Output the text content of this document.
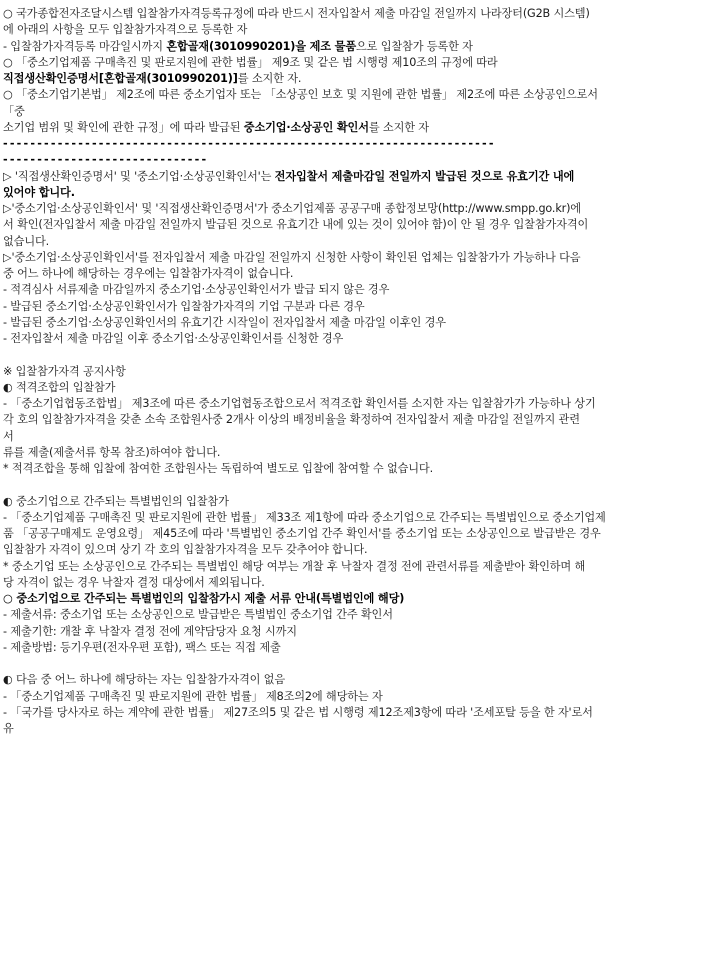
○ 국가종합전자조달시스템 입찰참가자격등록규정에 따라 반드시 전자입찰서 제출 마감일 전일까지 나라장터(G2B 시스템)
에 아래의 사항을 모두 입찰참가자격으로 등록한 자
- 입찰참가자격등록 마감일시까지 혼합골재(3010990201)을 제조 물품으로 입찰참가 등록한 자
○ 「중소기업제품 구매촉진 및 판로지원에 관한 법률」 제9조 및 같은 법 시행령 제10조의 규정에 따라
직접생산확인증명서[혼합골재(3010990201)]를 소지한 자.
○ 「중소기업기본법」 제2조에 따른 중소기업자 또는 「소상공인 보호 및 지원에 관한 법률」 제2조에 따른 소상공인으로서
「중
소기업 범위 및 확인에 관한 규정」에 따라 발급된 중소기업·소상공인 확인서를 소지한 자
------------------------------------------------------------------------
------------------------------
▷ '직접생산확인증명서' 및 '중소기업·소상공인확인서'는 전자입찰서 제출마감일 전일까지 발급된 것으로 유효기간 내에
있어야 합니다.
▷'중소기업·소상공인확인서' 및 '직접생산확인증명서'가 중소기업제품 공공구매 종합정보망(http://www.smpp.go.kr)에
서 확인(전자입찰서 제출 마감일 전일까지 발급된 것으로 유효기간 내에 있는 것이 있어야 함)이 안 될 경우 입찰참가자격이
없습니다.
▷'중소기업·소상공인확인서'를 전자입찰서 제출 마감일 전일까지 신청한 사항이 확인된 업체는 입찰참가가 가능하나 다음
중 어느 하나에 해당하는 경우에는 입찰참가자격이 없습니다.
- 적격심사 서류제출 마감일까지 중소기업·소상공인확인서가 발급 되지 않은 경우
- 발급된 중소기업·소상공인확인서가 입찰참가자격의 기업 구분과 다른 경우
- 발급된 중소기업·소상공인확인서의 유효기간 시작일이 전자입찰서 제출 마감일 이후인 경우
- 전자입찰서 제출 마감일 이후 중소기업·소상공인확인서를 신청한 경우
※ 입찰참가자격 공지사항
◐ 적격조합의 입찰참가
- 「중소기업협동조합법」 제3조에 따른 중소기업협동조합으로서 적격조합 확인서를 소지한 자는 입찰참가가 가능하나 상기
각 호의 입찰참가자격을 갖춘 소속 조합원사중 2개사 이상의 배정비율을 확정하여 전자입찰서 제출 마감일 전일까지 관련
서
류를 제출(제출서류 항목 참조)하여야 합니다.
* 적격조합을 통해 입찰에 참여한 조합원사는 독립하여 별도로 입찰에 참여할 수 없습니다.
◐ 중소기업으로 간주되는 특별법인의 입찰참가
- 「중소기업제품 구매촉진 및 판로지원에 관한 법률」 제33조 제1항에 따라 중소기업으로 간주되는 특별법인으로 중소기업제
품 「공공구매제도 운영요령」 제45조에 따라 '특별법인 중소기업 간주 확인서'를 중소기업 또는 소상공인으로 발급받은 경우
입찰참가 자격이 있으며 상기 각 호의 입찰참가자격을 모두 갖추어야 합니다.
* 중소기업 또는 소상공인으로 간주되는 특별법인 해당 여부는 개찰 후 낙찰자 결정 전에 관련서류를 제출받아 확인하며 해
당 자격이 없는 경우 낙찰자 결정 대상에서 제외됩니다.
○ 중소기업으로 간주되는 특별법인의 입찰참가시 제출 서류 안내(특별법인에 해당)
- 제출서류: 중소기업 또는 소상공인으로 발급받은 특별법인 중소기업 간주 확인서
- 제출기한: 개찰 후 낙찰자 결정 전에 계약담당자 요청 시까지
- 제출방법: 등기우편(전자우편 포함), 팩스 또는 직접 제출
◐ 다음 중 어느 하나에 해당하는 자는 입찰참가자격이 없음
- 「중소기업제품 구매촉진 및 판로지원에 관한 법률」 제8조의2에 해당하는 자
- 「국가를 당사자로 하는 계약에 관한 법률」 제27조의5 및 같은 법 시행령 제12조제3항에 따라 '조세포탈 등을 한 자'로서
유
